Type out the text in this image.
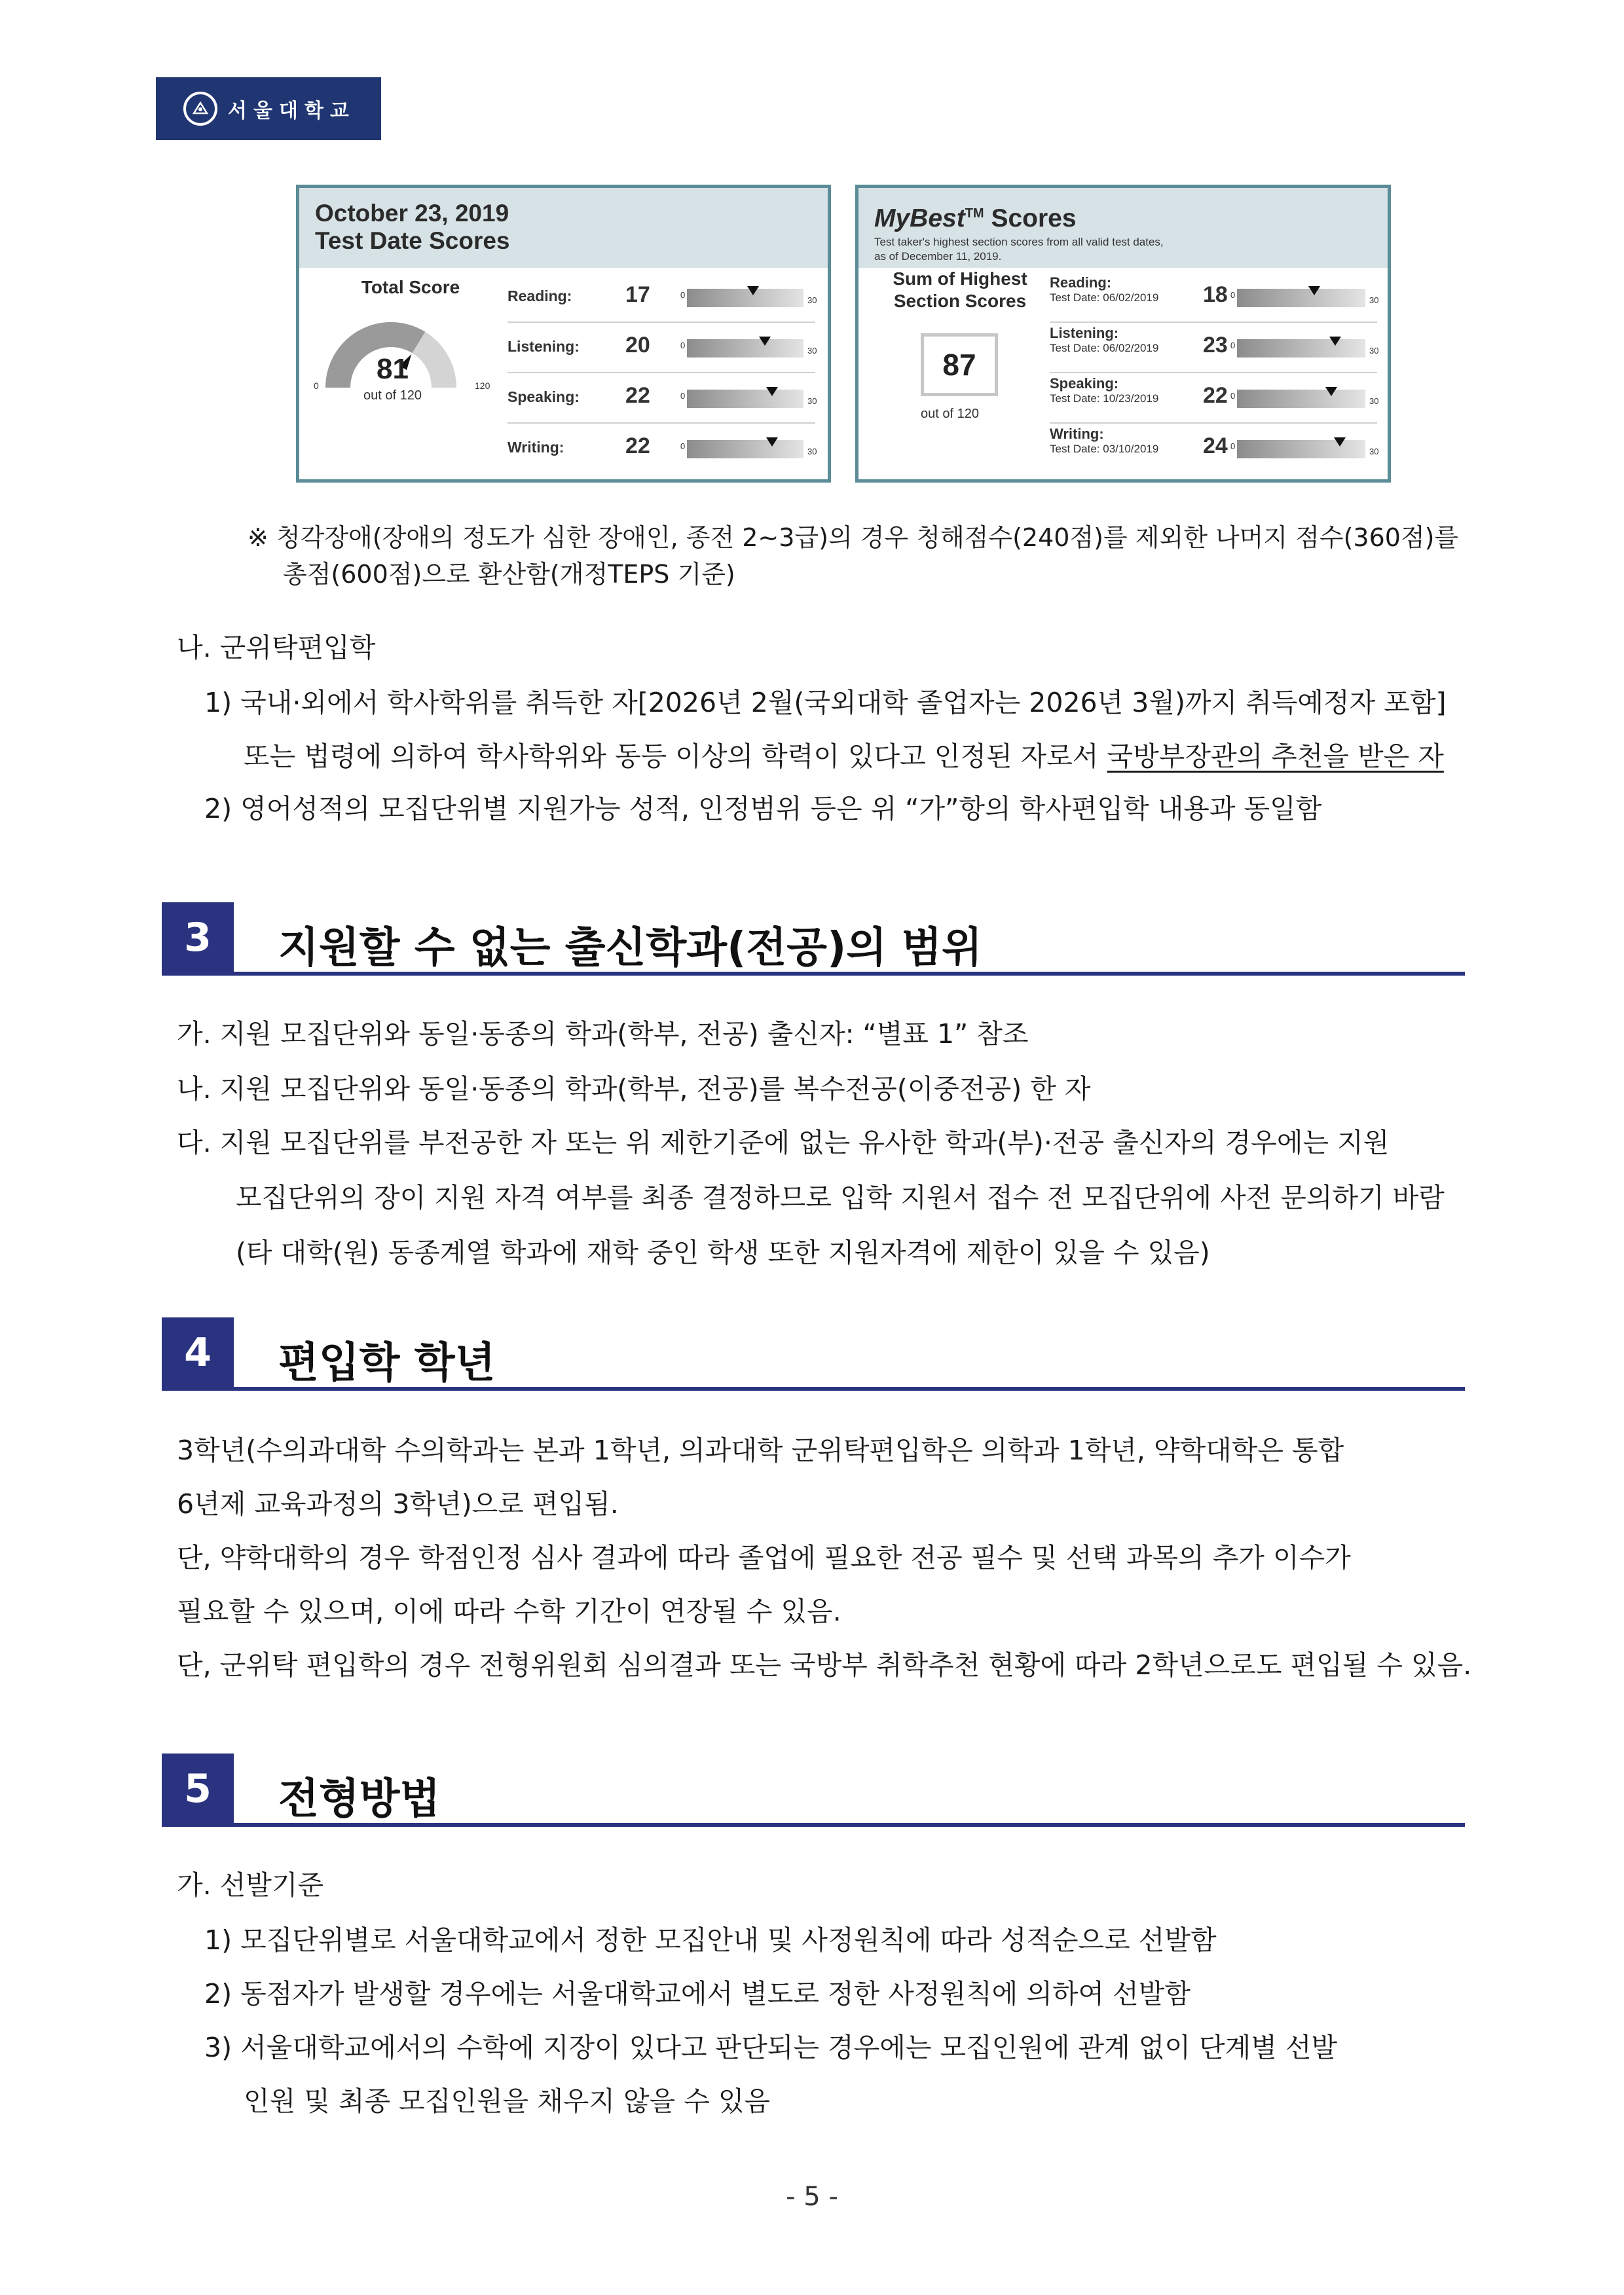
서울대학교
October 23, 2019
Test Date Scores
Total Score
81
out of 120
0	120
Reading: 17	0
30
Listening: 20	0
30
Speaking: 22	0
30
Writing:	22	0
30
MyBest™ Scores
Test taker's highest section scores from all valid test dates,
as of December 11, 2019.
Sum of Highest
Section Scores
87
out of 120
Reading:
Test Date: 06/02/2019 18 0
30
Listening:
Test Date: 06/02/2019 23 0
30
Speaking:
Test Date: 10/23/2019 22 0
30
Writing:
Test Date: 03/10/2019 24 0
30
※ 청각장애(장애의 정도가 심한 장애인, 종전 2~3급)의 경우 청해점수(240점)를 제외한 나머지 점수(360점)를
총점(600점)으로 환산함(개정TEPS 기준)
나. 군위탁편입학
1) 국내·외에서 학사학위를 취득한 자[2026년 2월(국외대학 졸업자는 2026년 3월)까지 취득예정자 포함]
또는 법령에 의하여 학사학위와 동등 이상의 학력이 있다고 인정된 자로서 국방부장관의 추천을 받은 자
2) 영어성적의 모집단위별 지원가능 성적, 인정범위 등은 위 “가”항의 학사편입학 내용과 동일함
3	지원할 수 없는 출신학과(전공)의 범위
가. 지원 모집단위와 동일·동종의 학과(학부, 전공) 출신자: “별표 1” 참조
나. 지원 모집단위와 동일·동종의 학과(학부, 전공)를 복수전공(이중전공) 한 자
다. 지원 모집단위를 부전공한 자 또는 위 제한기준에 없는 유사한 학과(부)·전공 출신자의 경우에는 지원
모집단위의 장이 지원 자격 여부를 최종 결정하므로 입학 지원서 접수 전 모집단위에 사전 문의하기 바람
(타 대학(원) 동종계열 학과에 재학 중인 학생 또한 지원자격에 제한이 있을 수 있음)
4	편입학 학년
3학년(수의과대학 수의학과는 본과 1학년, 의과대학 군위탁편입학은 의학과 1학년, 약학대학은 통합
6년제 교육과정의 3학년)으로 편입됨.
단, 약학대학의 경우 학점인정 심사 결과에 따라 졸업에 필요한 전공 필수 및 선택 과목의 추가 이수가
필요할 수 있으며, 이에 따라 수학 기간이 연장될 수 있음.
단, 군위탁 편입학의 경우 전형위원회 심의결과 또는 국방부 취학추천 현황에 따라 2학년으로도 편입될 수 있음.
5	전형방법
가. 선발기준
1) 모집단위별로 서울대학교에서 정한 모집안내 및 사정원칙에 따라 성적순으로 선발함
2) 동점자가 발생할 경우에는 서울대학교에서 별도로 정한 사정원칙에 의하여 선발함
3) 서울대학교에서의 수학에 지장이 있다고 판단되는 경우에는 모집인원에 관계 없이 단계별 선발
인원 및 최종 모집인원을 채우지 않을 수 있음
- 5 -
